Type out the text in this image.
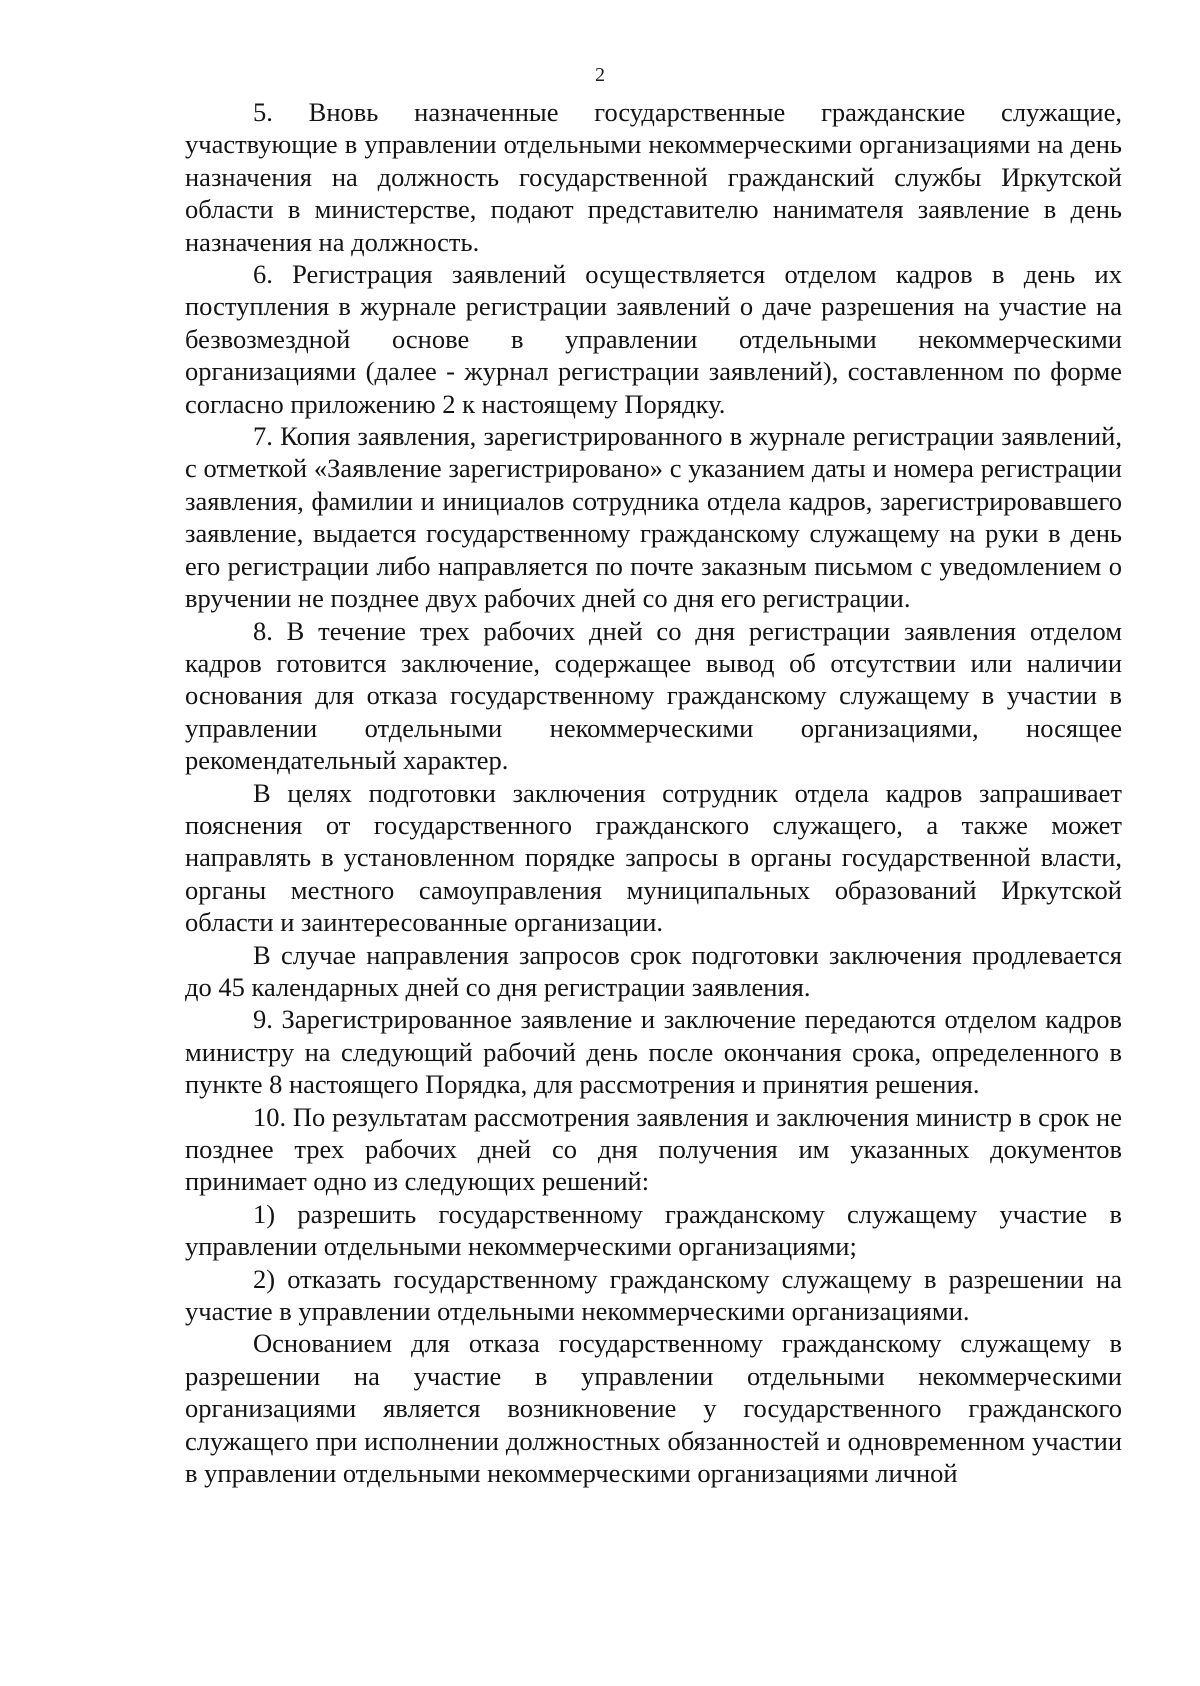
2

5. Вновь назначенные государственные гражданские служащие, участвующие в управлении отдельными некоммерческими организациями на день назначения на должность государственной гражданский службы Иркутской области в министерстве, подают представителю нанимателя заявление в день назначения на должность.

6. Регистрация заявлений осуществляется отделом кадров в день их поступления в журнале регистрации заявлений о даче разрешения на участие на безвозмездной основе в управлении отдельными некоммерческими организациями (далее - журнал регистрации заявлений), составленном по форме согласно приложению 2 к настоящему Порядку.

7. Копия заявления, зарегистрированного в журнале регистрации заявлений, с отметкой «Заявление зарегистрировано» с указанием даты и номера регистрации заявления, фамилии и инициалов сотрудника отдела кадров, зарегистрировавшего заявление, выдается государственному гражданскому служащему на руки в день его регистрации либо направляется по почте заказным письмом с уведомлением о вручении не позднее двух рабочих дней со дня его регистрации.

8. В течение трех рабочих дней со дня регистрации заявления отделом кадров готовится заключение, содержащее вывод об отсутствии или наличии основания для отказа государственному гражданскому служащему в участии в управлении отдельными некоммерческими организациями, носящее рекомендательный характер.

В целях подготовки заключения сотрудник отдела кадров запрашивает пояснения от государственного гражданского служащего, а также может направлять в установленном порядке запросы в органы государственной власти, органы местного самоуправления муниципальных образований Иркутской области и заинтересованные организации.

В случае направления запросов срок подготовки заключения продлевается до 45 календарных дней со дня регистрации заявления.

9. Зарегистрированное заявление и заключение передаются отделом кадров министру на следующий рабочий день после окончания срока, определенного в пункте 8 настоящего Порядка, для рассмотрения и принятия решения.

10. По результатам рассмотрения заявления и заключения министр в срок не позднее трех рабочих дней со дня получения им указанных документов принимает одно из следующих решений:

1) разрешить государственному гражданскому служащему участие в управлении отдельными некоммерческими организациями;

2) отказать государственному гражданскому служащему в разрешении на участие в управлении отдельными некоммерческими организациями.

Основанием для отказа государственному гражданскому служащему в разрешении на участие в управлении отдельными некоммерческими организациями является возникновение у государственного гражданского служащего при исполнении должностных обязанностей и одновременном участии в управлении отдельными некоммерческими организациями личной
